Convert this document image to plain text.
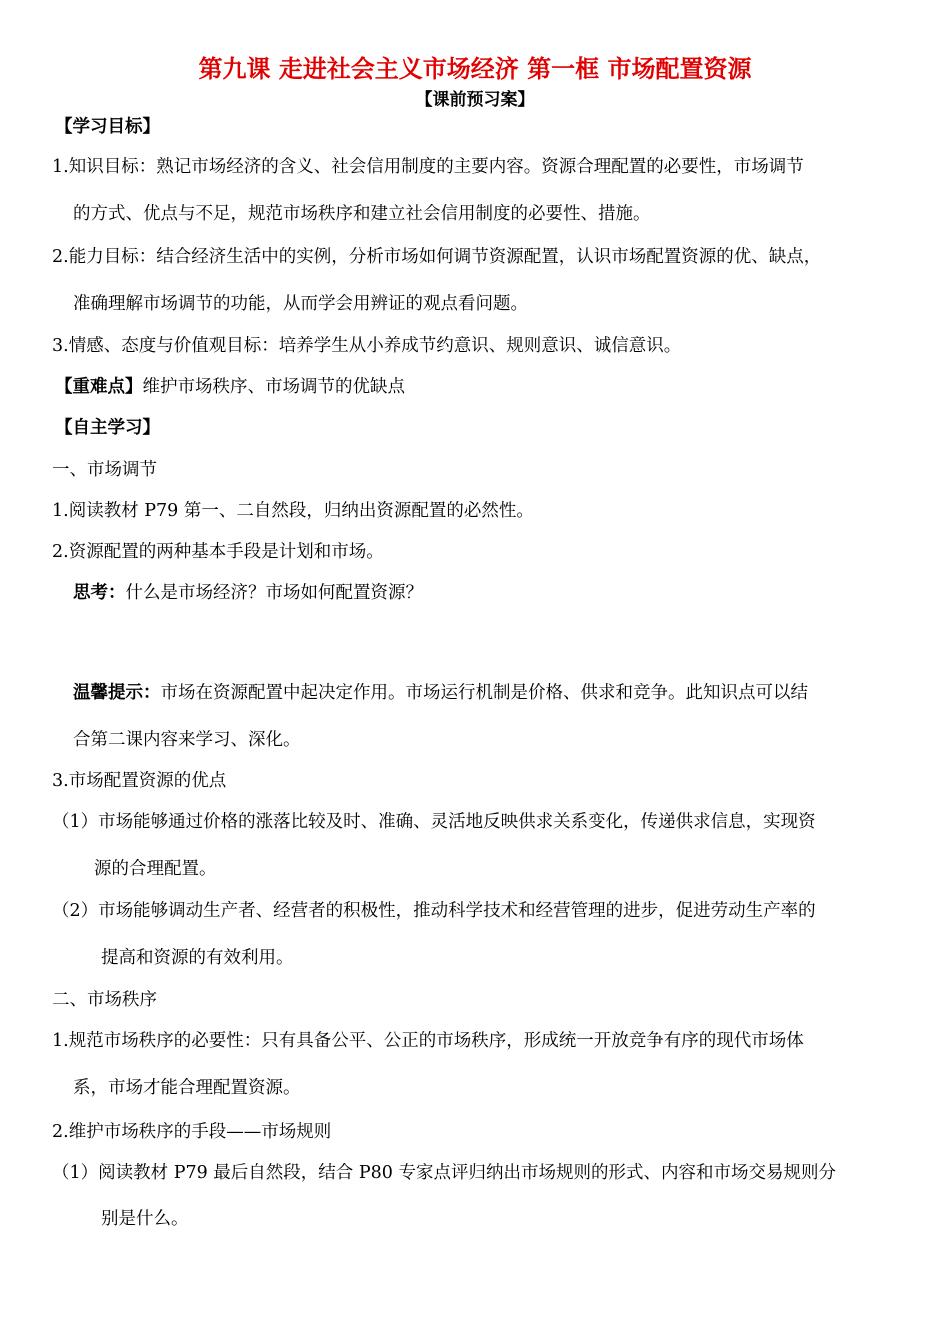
第九课 走进社会主义市场经济 第一框 市场配置资源
【课前预习案】
【学习目标】
1.知识目标：熟记市场经济的含义、社会信用制度的主要内容。资源合理配置的必要性，市场调节
的方式、优点与不足，规范市场秩序和建立社会信用制度的必要性、措施。
2.能力目标：结合经济生活中的实例，分析市场如何调节资源配置，认识市场配置资源的优、缺点，
准确理解市场调节的功能，从而学会用辨证的观点看问题。
3.情感、态度与价值观目标：培养学生从小养成节约意识、规则意识、诚信意识。
【重难点】维护市场秩序、市场调节的优缺点
【自主学习】
一、市场调节
1.阅读教材 P79 第一、二自然段，归纳出资源配置的必然性。
2.资源配置的两种基本手段是计划和市场。
思考：什么是市场经济？市场如何配置资源？
温馨提示：市场在资源配置中起决定作用。市场运行机制是价格、供求和竞争。此知识点可以结
合第二课内容来学习、深化。
3.市场配置资源的优点
（1）市场能够通过价格的涨落比较及时、准确、灵活地反映供求关系变化，传递供求信息，实现资
源的合理配置。
（2）市场能够调动生产者、经营者的积极性，推动科学技术和经营管理的进步，促进劳动生产率的
提高和资源的有效利用。
二、市场秩序
1.规范市场秩序的必要性：只有具备公平、公正的市场秩序，形成统一开放竞争有序的现代市场体
系，市场才能合理配置资源。
2.维护市场秩序的手段——市场规则
（1）阅读教材 P79 最后自然段，结合 P80 专家点评归纳出市场规则的形式、内容和市场交易规则分
别是什么。
